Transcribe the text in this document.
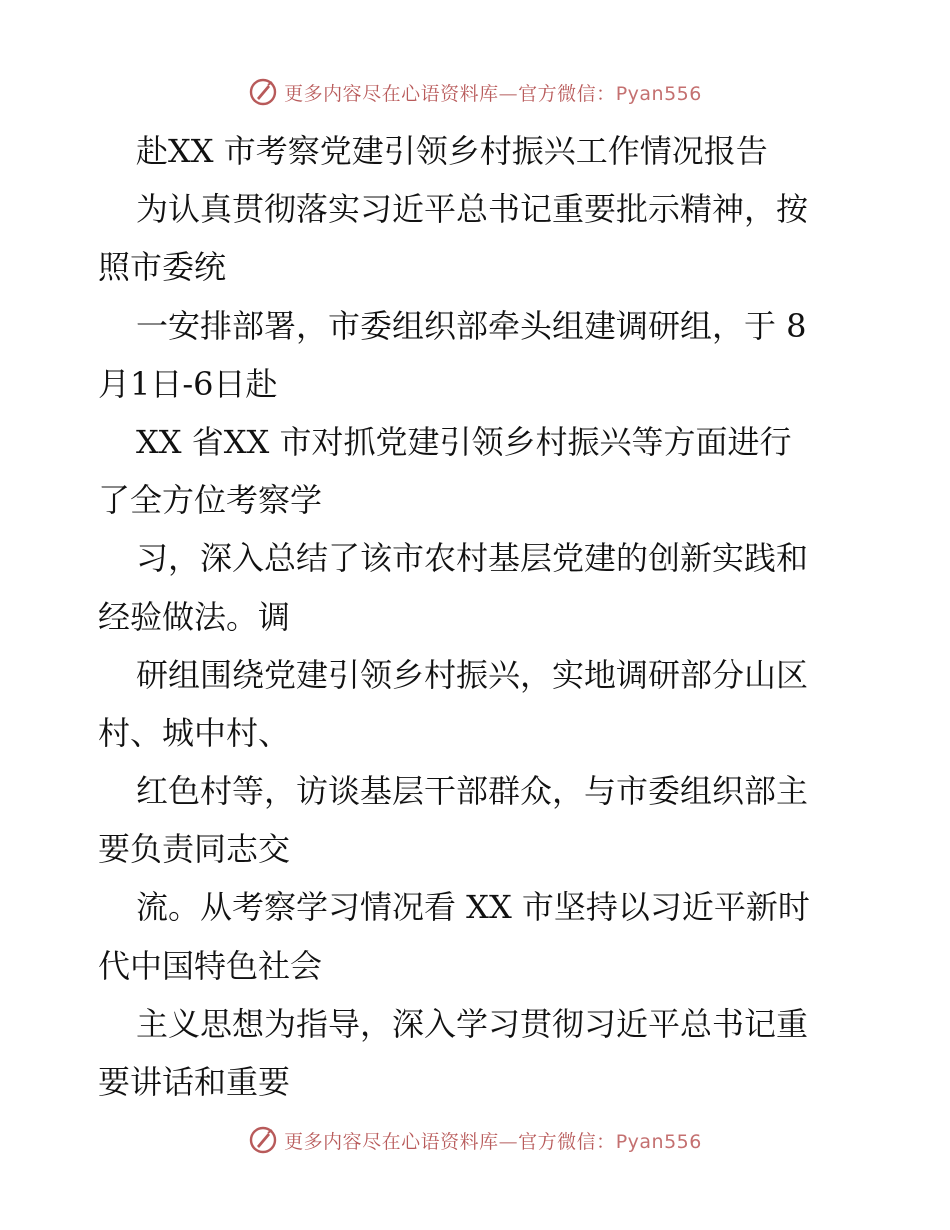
更多内容尽在心语资料库—官方微信：Pyan556
赴XX 市考察党建引领乡村振兴工作情况报告
为认真贯彻落实习近平总书记重要批示精神，按
照市委统
一安排部署，市委组织部牵头组建调研组，于 8
月1日-6日赴
XX 省XX 市对抓党建引领乡村振兴等方面进行
了全方位考察学
习，深入总结了该市农村基层党建的创新实践和
经验做法。调
研组围绕党建引领乡村振兴，实地调研部分山区
村、城中村、
红色村等，访谈基层干部群众，与市委组织部主
要负责同志交
流。从考察学习情况看 XX 市坚持以习近平新时
代中国特色社会
主义思想为指导，深入学习贯彻习近平总书记重
要讲话和重要
更多内容尽在心语资料库—官方微信：Pyan556
